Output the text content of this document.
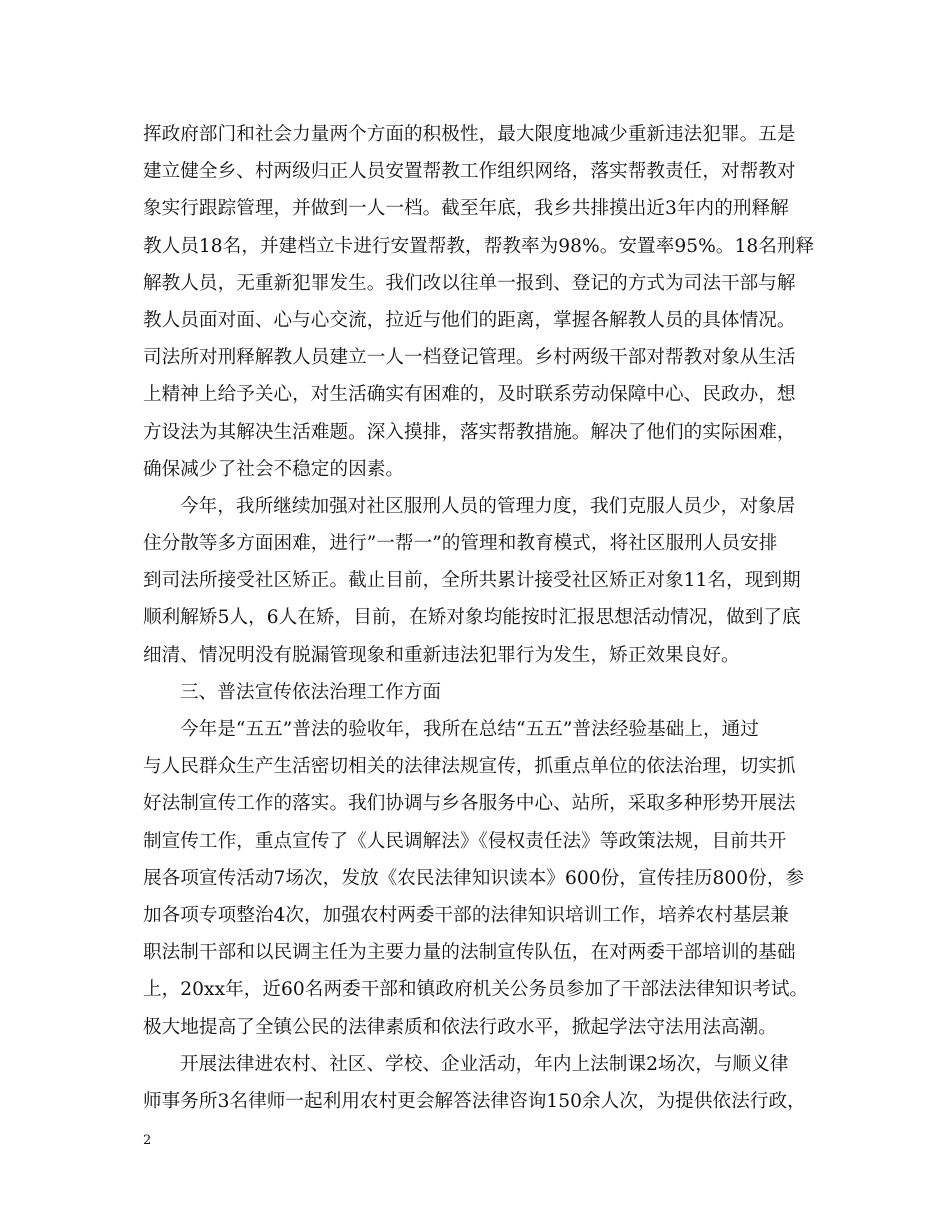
挥政府部门和社会力量两个方面的积极性，最大限度地减少重新违法犯罪。五是
建立健全乡、村两级归正人员安置帮教工作组织网络，落实帮教责任，对帮教对
象实行跟踪管理，并做到一人一档。截至年底，我乡共排摸出近3年内的刑释解
教人员18名，并建档立卡进行安置帮教，帮教率为98%。安置率95%。18名刑释
解教人员，无重新犯罪发生。我们改以往单一报到、登记的方式为司法干部与解
教人员面对面、心与心交流，拉近与他们的距离，掌握各解教人员的具体情况。
司法所对刑释解教人员建立一人一档登记管理。乡村两级干部对帮教对象从生活
上精神上给予关心，对生活确实有困难的，及时联系劳动保障中心、民政办，想
方设法为其解决生活难题。深入摸排，落实帮教措施。解决了他们的实际困难，
确保减少了社会不稳定的因素。
今年，我所继续加强对社区服刑人员的管理力度，我们克服人员少，对象居
住分散等多方面困难，进行”一帮一”的管理和教育模式，将社区服刑人员安排
到司法所接受社区矫正。截止目前，全所共累计接受社区矫正对象11名，现到期
顺利解矫5人，6人在矫，目前，在矫对象均能按时汇报思想活动情况，做到了底
细清、情况明没有脱漏管现象和重新违法犯罪行为发生，矫正效果良好。
三、普法宣传依法治理工作方面
今年是“五五”普法的验收年，我所在总结“五五”普法经验基础上，通过
与人民群众生产生活密切相关的法律法规宣传，抓重点单位的依法治理，切实抓
好法制宣传工作的落实。我们协调与乡各服务中心、站所，采取多种形势开展法
制宣传工作，重点宣传了《人民调解法》《侵权责任法》等政策法规，目前共开
展各项宣传活动7场次，发放《农民法律知识读本》600份，宣传挂历800份，参
加各项专项整治4次，加强农村两委干部的法律知识培训工作，培养农村基层兼
职法制干部和以民调主任为主要力量的法制宣传队伍，在对两委干部培训的基础
上，20xx年，近60名两委干部和镇政府机关公务员参加了干部法法律知识考试。
极大地提高了全镇公民的法律素质和依法行政水平，掀起学法守法用法高潮。
开展法律进农村、社区、学校、企业活动，年内上法制课2场次，与顺义律
师事务所3名律师一起利用农村更会解答法律咨询150余人次，为提供依法行政，
2
